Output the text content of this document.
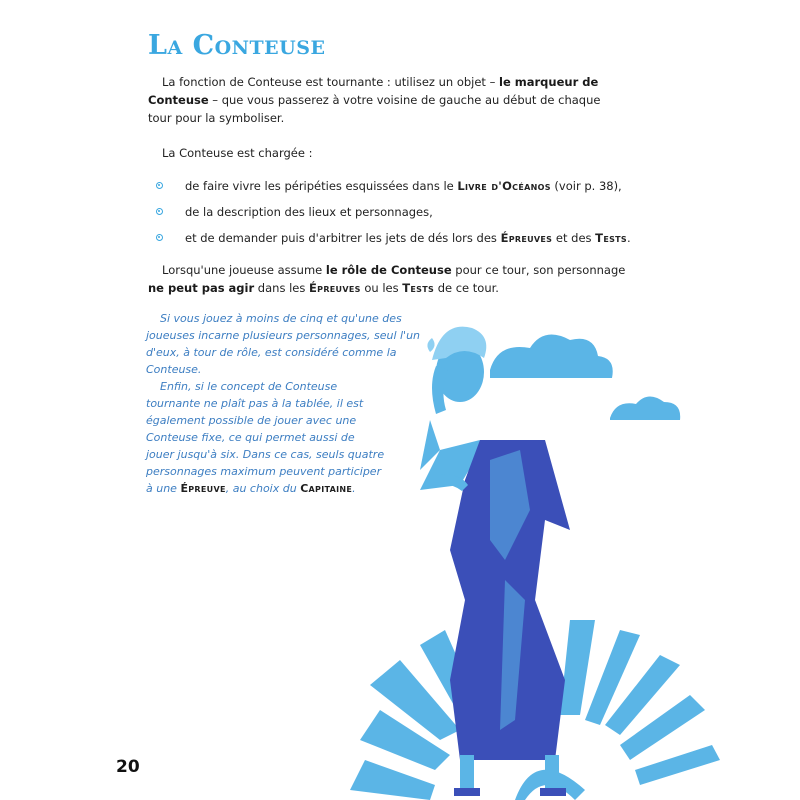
La Conteuse

La fonction de Conteuse est tournante : utilisez un objet – le marqueur de Conteuse – que vous passerez à votre voisine de gauche au début de chaque tour pour la symboliser.

La Conteuse est chargée :

de faire vivre les péripéties esquissées dans le Livre d'Océanos (voir p. 38),
de la description des lieux et personnages,
et de demander puis d'arbitrer les jets de dés lors des Épreuves et des Tests.

Lorsqu'une joueuse assume le rôle de Conteuse pour ce tour, son personnage ne peut pas agir dans les Épreuves ou les Tests de ce tour.

Si vous jouez à moins de cinq et qu'une des joueuses incarne plusieurs personnages, seul l'un d'eux, à tour de rôle, est considéré comme la Conteuse.

Enfin, si le concept de Conteuse tournante ne plaît pas à la tablée, il est également possible de jouer avec une Conteuse fixe, ce qui permet aussi de jouer jusqu'à six. Dans ce cas, seuls quatre personnages maximum peuvent participer à une Épreuve, au choix du Capitaine.

20
